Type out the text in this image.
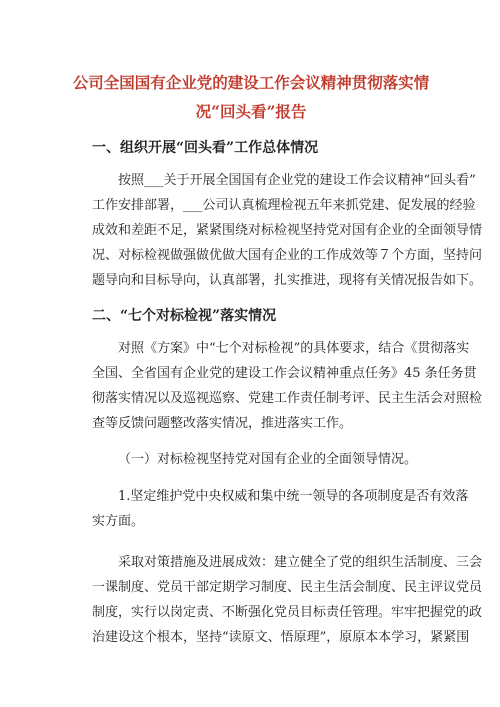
公司全国国有企业党的建设工作会议精神贯彻落实情况“回头看”报告
一、组织开展“回头看”工作总体情况
按照___关于开展全国国有企业党的建设工作会议精神“回头看”
工作安排部署，___公司认真梳理检视五年来抓党建、促发展的经验
成效和差距不足，紧紧围绕对标检视坚持党对国有企业的全面领导情
况、对标检视做强做优做大国有企业的工作成效等７个方面，坚持问
题导向和目标导向，认真部署，扎实推进，现将有关情况报告如下。
二、“七个对标检视”落实情况
对照《方案》中“七个对标检视”的具体要求，结合《贯彻落实
全国、全省国有企业党的建设工作会议精神重点任务》45 条任务贯
彻落实情况以及巡视巡察、党建工作责任制考评、民主生活会对照检
查等反馈问题整改落实情况，推进落实工作。
（一）对标检视坚持党对国有企业的全面领导情况。
1.坚定维护党中央权威和集中统一领导的各项制度是否有效落
实方面。
采取对策措施及进展成效：建立健全了党的组织生活制度、三会
一课制度、党员干部定期学习制度、民主生活会制度、民主评议党员
制度，实行以岗定责、不断强化党员目标责任管理。牢牢把握党的政
治建设这个根本，坚持“读原文、悟原理”，原原本本学习，紧紧围
